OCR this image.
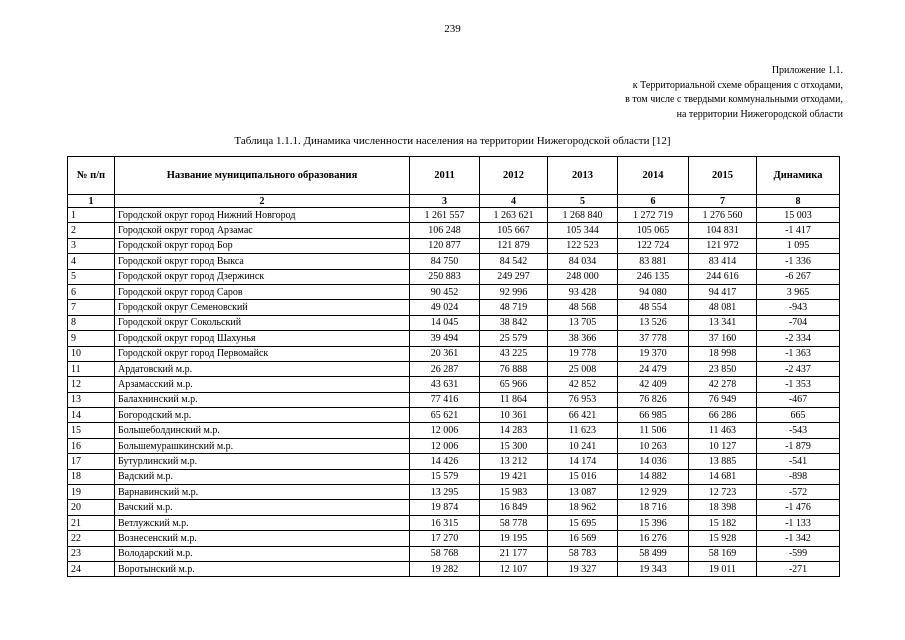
239
Приложение 1.1.
к Территориальной схеме обращения с отходами,
в том числе с твердыми коммунальными отходами,
на территории Нижегородской области
Таблица 1.1.1. Динамика численности населения на территории Нижегородской области [12]
№ п/п	Название муниципального образования	2011	2012	2013	2014	2015	Динамика
1	2	3	4	5	6	7	8
1	Городской округ город Нижний Новгород	1 261 557	1 263 621	1 268 840	1 272 719	1 276 560	15 003
2	Городской округ город Арзамас	106 248	105 667	105 344	105 065	104 831	-1 417
3	Городской округ город Бор	120 877	121 879	122 523	122 724	121 972	1 095
4	Городской округ город Выкса	84 750	84 542	84 034	83 881	83 414	-1 336
5	Городской округ город Дзержинск	250 883	249 297	248 000	246 135	244 616	-6 267
6	Городской округ город Саров	90 452	92 996	93 428	94 080	94 417	3 965
7	Городской округ Семеновский	49 024	48 719	48 568	48 554	48 081	-943
8	Городской округ Сокольский	14 045	38 842	13 705	13 526	13 341	-704
9	Городской округ город Шахунья	39 494	25 579	38 366	37 778	37 160	-2 334
10	Городской округ город Первомайск	20 361	43 225	19 778	19 370	18 998	-1 363
11	Ардатовский м.р.	26 287	76 888	25 008	24 479	23 850	-2 437
12	Арзамасский м.р.	43 631	65 966	42 852	42 409	42 278	-1 353
13	Балахнинский м.р.	77 416	11 864	76 953	76 826	76 949	-467
14	Богородский м.р.	65 621	10 361	66 421	66 985	66 286	665
15	Большеболдинский м.р.	12 006	14 283	11 623	11 506	11 463	-543
16	Большемурашкинский м.р.	12 006	15 300	10 241	10 263	10 127	-1 879
17	Бутурлинский м.р.	14 426	13 212	14 174	14 036	13 885	-541
18	Вадский м.р.	15 579	19 421	15 016	14 882	14 681	-898
19	Варнавинский м.р.	13 295	15 983	13 087	12 929	12 723	-572
20	Вачский м.р.	19 874	16 849	18 962	18 716	18 398	-1 476
21	Ветлужский м.р.	16 315	58 778	15 695	15 396	15 182	-1 133
22	Вознесенский м.р.	17 270	19 195	16 569	16 276	15 928	-1 342
23	Володарский м.р.	58 768	21 177	58 783	58 499	58 169	-599
24	Воротынский м.р.	19 282	12 107	19 327	19 343	19 011	-271
